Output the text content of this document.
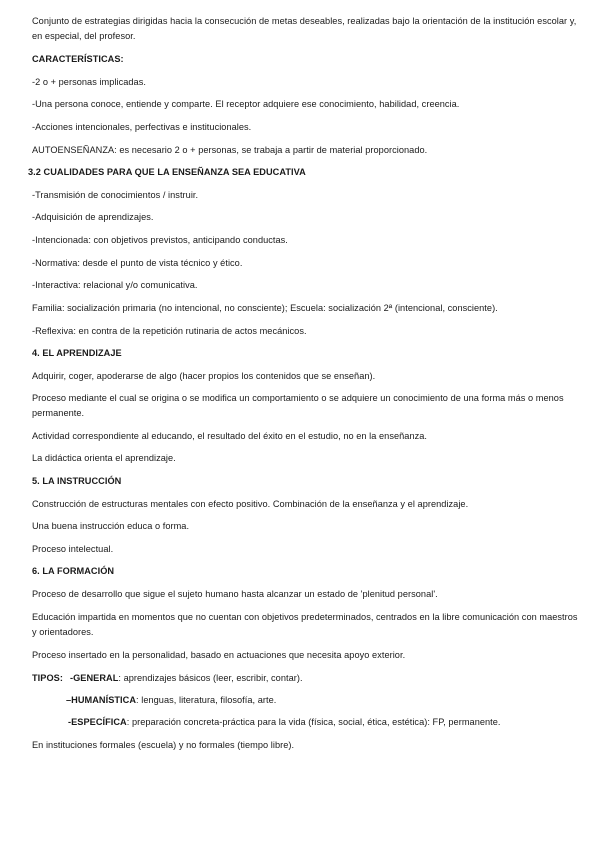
Conjunto de estrategias dirigidas hacia la consecución de metas deseables, realizadas bajo la orientación de la institución escolar y, en especial, del profesor.
CARACTERÍSTICAS:
-2 o + personas implicadas.
-Una persona conoce, entiende y comparte. El receptor adquiere ese conocimiento, habilidad, creencia.
-Acciones intencionales, perfectivas e institucionales.
AUTOENSEÑANZA: es necesario 2 o + personas, se trabaja a partir de material proporcionado.
3.2 CUALIDADES PARA QUE LA ENSEÑANZA SEA EDUCATIVA
-Transmisión de conocimientos / instruir.
-Adquisición de aprendizajes.
-Intencionada: con objetivos previstos, anticipando conductas.
-Normativa: desde el punto de vista técnico y ético.
-Interactiva: relacional y/o comunicativa.
Familia: socialización primaria (no intencional, no consciente); Escuela: socialización 2ª (intencional, consciente).
-Reflexiva: en contra de la repetición rutinaria de actos mecánicos.
4. EL APRENDIZAJE
Adquirir, coger, apoderarse de algo (hacer propios los contenidos que se enseñan).
Proceso mediante el cual se origina o se modifica un comportamiento o se adquiere un conocimiento de una forma más o menos permanente.
Actividad correspondiente al educando, el resultado del éxito en el estudio, no en la enseñanza.
La didáctica orienta el aprendizaje.
5. LA INSTRUCCIÓN
Construcción de estructuras mentales con efecto positivo. Combinación de la enseñanza y el aprendizaje.
Una buena instrucción educa o forma.
Proceso intelectual.
6. LA FORMACIÓN
Proceso de desarrollo que sigue el sujeto humano hasta alcanzar un estado de 'plenitud personal'.
Educación impartida en momentos que no cuentan con objetivos predeterminados, centrados en la libre comunicación con maestros y orientadores.
Proceso insertado en la personalidad, basado en actuaciones que necesita apoyo exterior.
TIPOS: -GENERAL: aprendizajes básicos (leer, escribir, contar).
–HUMANÍSTICA: lenguas, literatura, filosofía, arte.
-ESPECÍFICA: preparación concreta-práctica para la vida (física, social, ética, estética): FP, permanente.
En instituciones formales (escuela) y no formales (tiempo libre).
